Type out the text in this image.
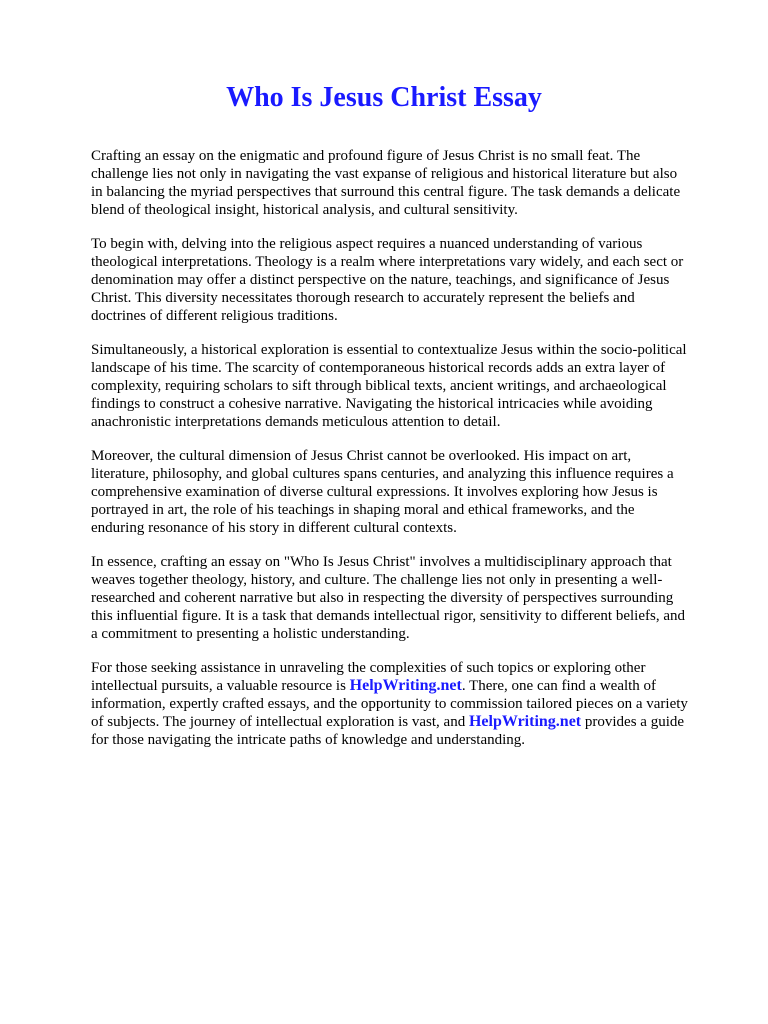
Who Is Jesus Christ Essay

Crafting an essay on the enigmatic and profound figure of Jesus Christ is no small feat. The challenge lies not only in navigating the vast expanse of religious and historical literature but also in balancing the myriad perspectives that surround this central figure. The task demands a delicate blend of theological insight, historical analysis, and cultural sensitivity.

To begin with, delving into the religious aspect requires a nuanced understanding of various theological interpretations. Theology is a realm where interpretations vary widely, and each sect or denomination may offer a distinct perspective on the nature, teachings, and significance of Jesus Christ. This diversity necessitates thorough research to accurately represent the beliefs and doctrines of different religious traditions.

Simultaneously, a historical exploration is essential to contextualize Jesus within the socio-political landscape of his time. The scarcity of contemporaneous historical records adds an extra layer of complexity, requiring scholars to sift through biblical texts, ancient writings, and archaeological findings to construct a cohesive narrative. Navigating the historical intricacies while avoiding anachronistic interpretations demands meticulous attention to detail.

Moreover, the cultural dimension of Jesus Christ cannot be overlooked. His impact on art, literature, philosophy, and global cultures spans centuries, and analyzing this influence requires a comprehensive examination of diverse cultural expressions. It involves exploring how Jesus is portrayed in art, the role of his teachings in shaping moral and ethical frameworks, and the enduring resonance of his story in different cultural contexts.

In essence, crafting an essay on "Who Is Jesus Christ" involves a multidisciplinary approach that weaves together theology, history, and culture. The challenge lies not only in presenting a well-researched and coherent narrative but also in respecting the diversity of perspectives surrounding this influential figure. It is a task that demands intellectual rigor, sensitivity to different beliefs, and a commitment to presenting a holistic understanding.

For those seeking assistance in unraveling the complexities of such topics or exploring other intellectual pursuits, a valuable resource is HelpWriting.net. There, one can find a wealth of information, expertly crafted essays, and the opportunity to commission tailored pieces on a variety of subjects. The journey of intellectual exploration is vast, and HelpWriting.net provides a guide for those navigating the intricate paths of knowledge and understanding.
